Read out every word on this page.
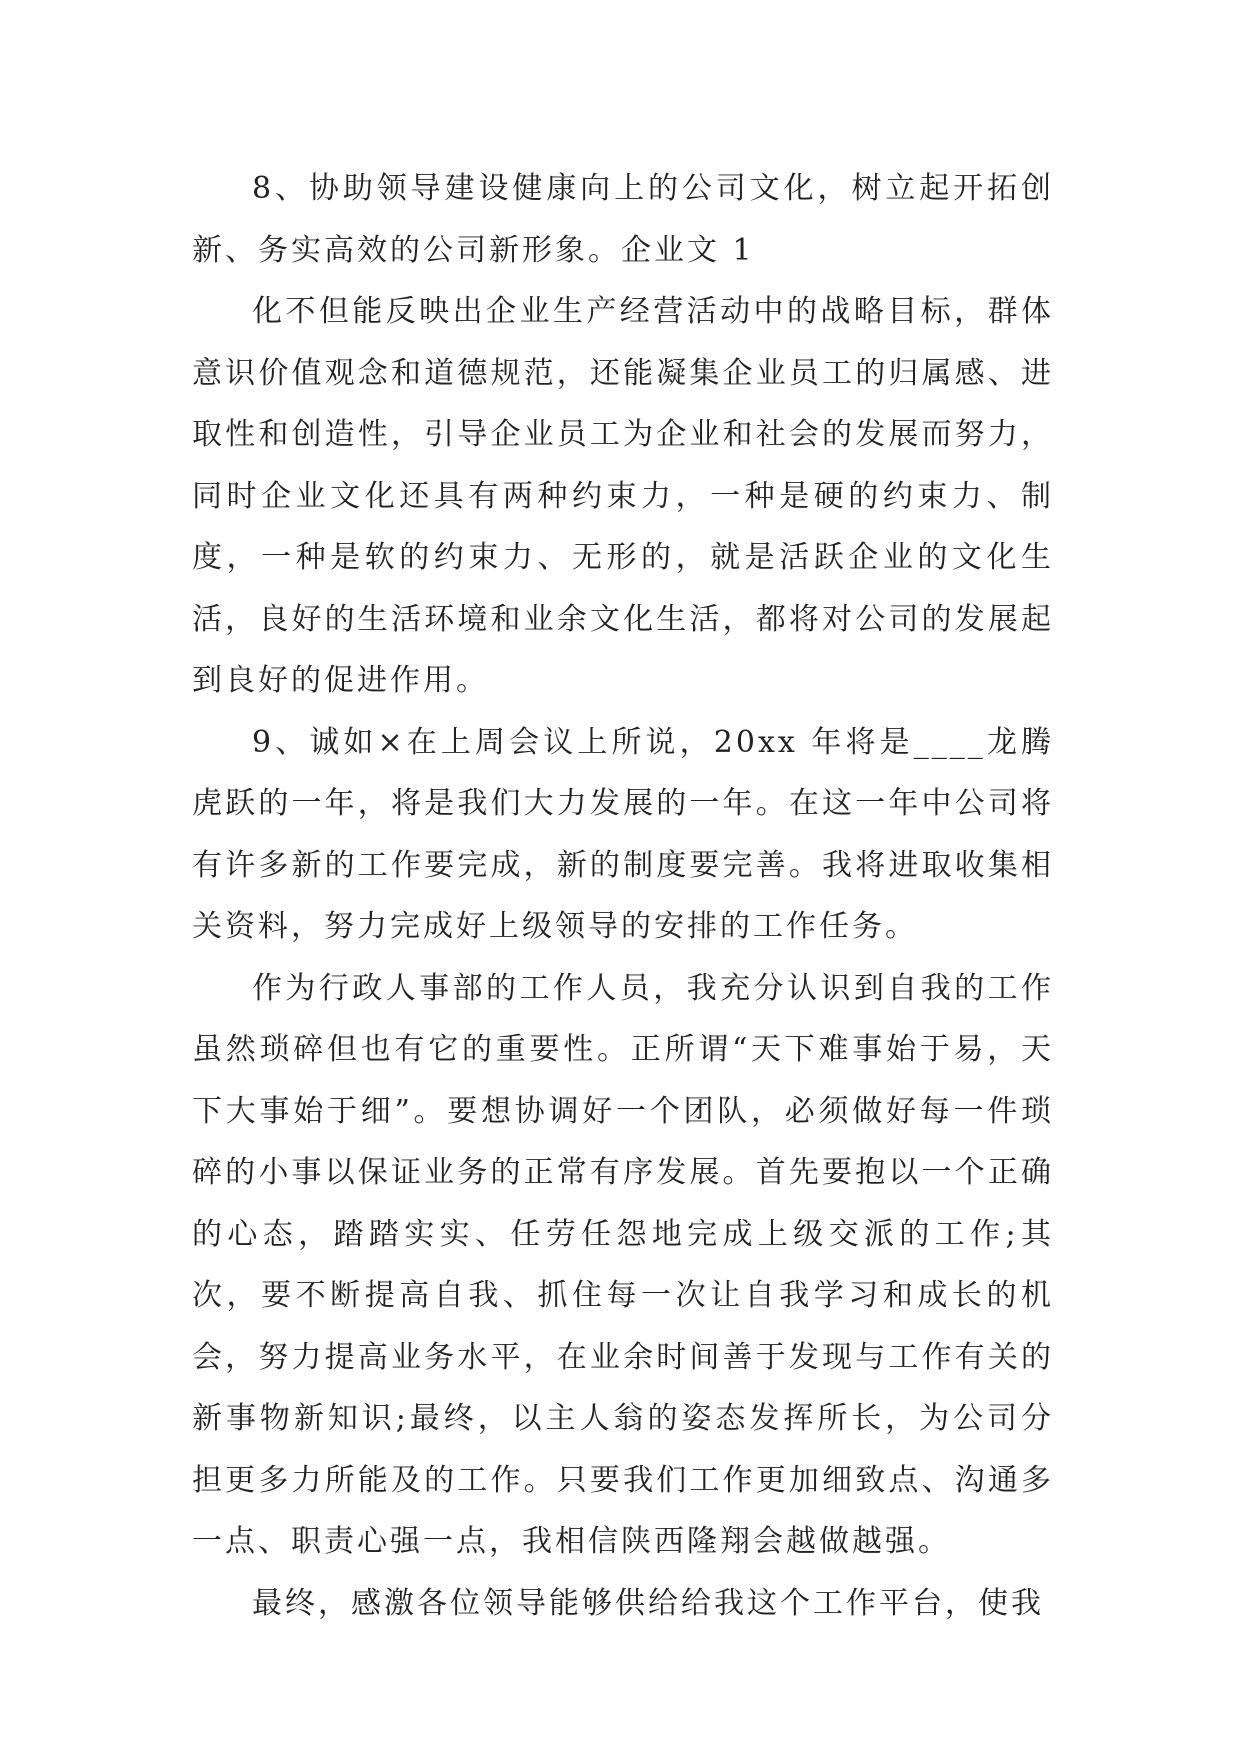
8、协助领导建设健康向上的公司文化，树立起开拓创新、务实高效的公司新形象。企业文 1

化不但能反映出企业生产经营活动中的战略目标，群体意识价值观念和道德规范，还能凝集企业员工的归属感、进取性和创造性，引导企业员工为企业和社会的发展而努力，同时企业文化还具有两种约束力，一种是硬的约束力、制度，一种是软的约束力、无形的，就是活跃企业的文化生活，良好的生活环境和业余文化生活，都将对公司的发展起到良好的促进作用。

9、诚如×在上周会议上所说，20xx 年将是____龙腾虎跃的一年，将是我们大力发展的一年。在这一年中公司将有许多新的工作要完成，新的制度要完善。我将进取收集相关资料，努力完成好上级领导的安排的工作任务。

作为行政人事部的工作人员，我充分认识到自我的工作虽然琐碎但也有它的重要性。正所谓“天下难事始于易，天下大事始于细”。要想协调好一个团队，必须做好每一件琐碎的小事以保证业务的正常有序发展。首先要抱以一个正确的心态，踏踏实实、任劳任怨地完成上级交派的工作;其次，要不断提高自我、抓住每一次让自我学习和成长的机会，努力提高业务水平，在业余时间善于发现与工作有关的新事物新知识;最终，以主人翁的姿态发挥所长，为公司分担更多力所能及的工作。只要我们工作更加细致点、沟通多一点、职责心强一点，我相信陕西隆翔会越做越强。

最终，感激各位领导能够供给给我这个工作平台，使我
